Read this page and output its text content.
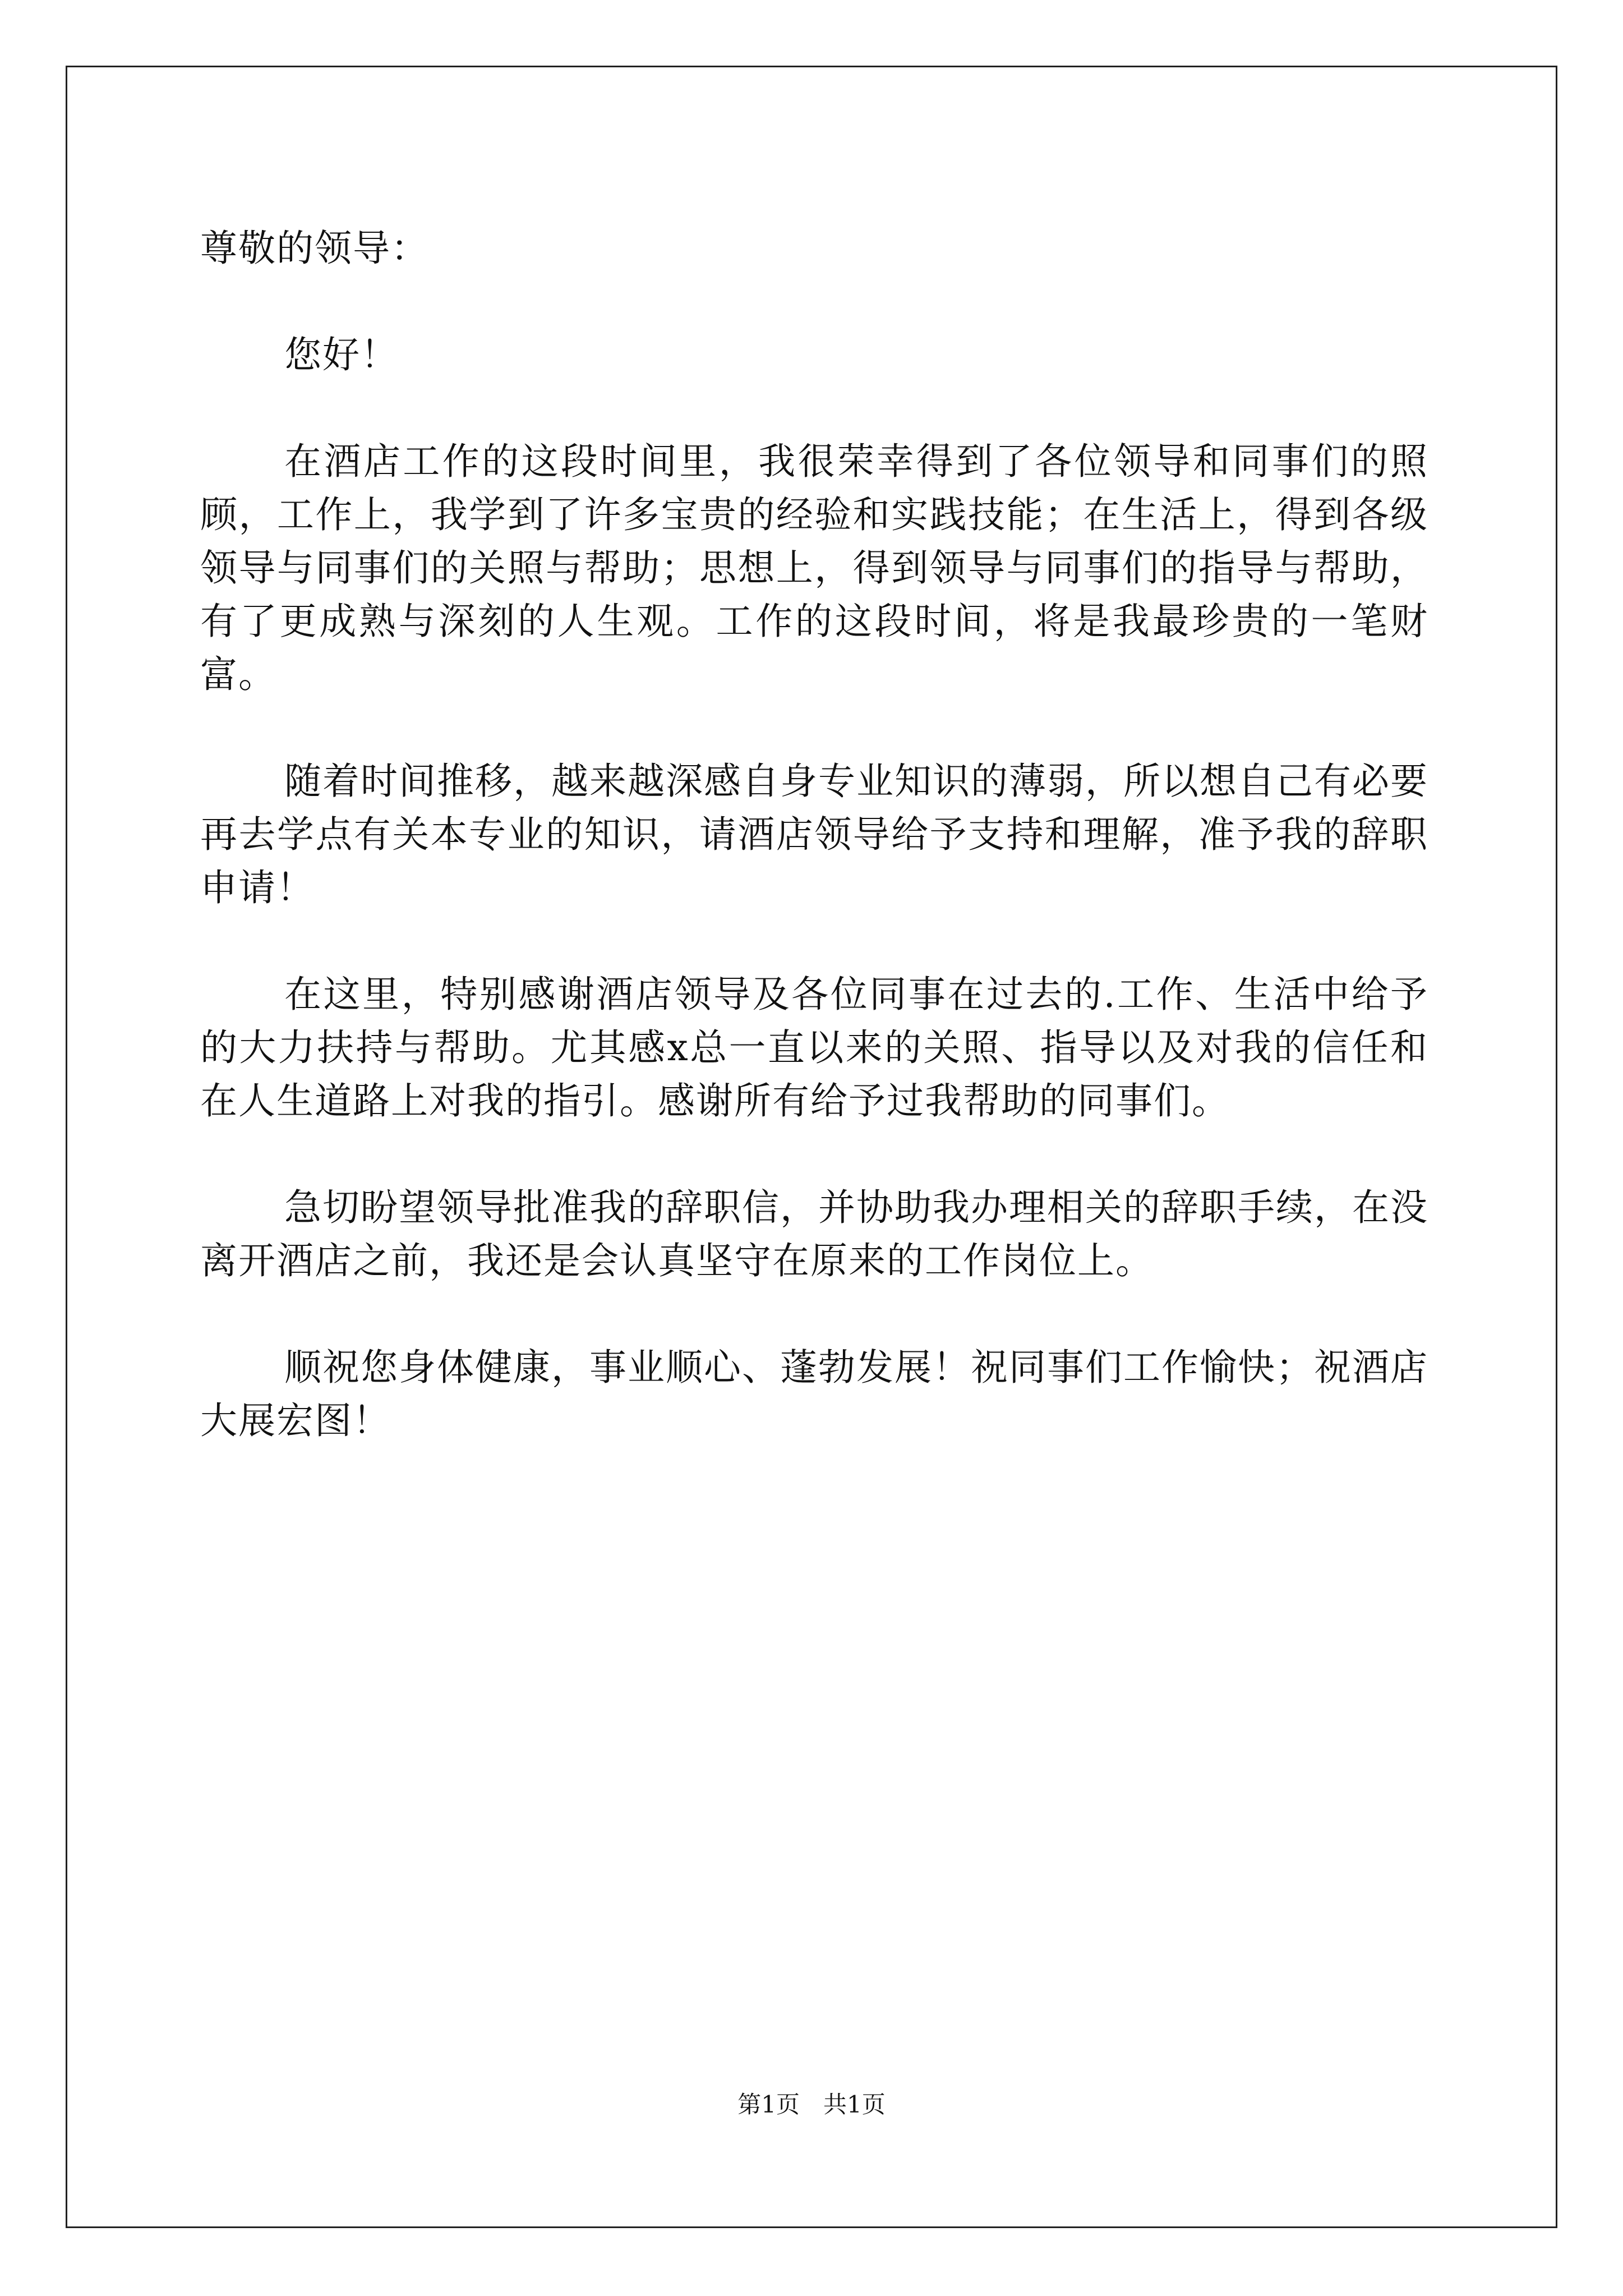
尊敬的领导：

您好！

在酒店工作的这段时间里，我很荣幸得到了各位领导和同事们的照顾，工作上，我学到了许多宝贵的经验和实践技能；在生活上，得到各级领导与同事们的关照与帮助；思想上，得到领导与同事们的指导与帮助，有了更成熟与深刻的人生观。工作的这段时间，将是我最珍贵的一笔财富。

随着时间推移，越来越深感自身专业知识的薄弱，所以想自己有必要再去学点有关本专业的知识，请酒店领导给予支持和理解，准予我的辞职申请！

在这里，特别感谢酒店领导及各位同事在过去的.工作、生活中给予的大力扶持与帮助。尤其感x总一直以来的关照、指导以及对我的信任和在人生道路上对我的指引。感谢所有给予过我帮助的同事们。

急切盼望领导批准我的辞职信，并协助我办理相关的辞职手续，在没离开酒店之前，我还是会认真坚守在原来的工作岗位上。

顺祝您身体健康，事业顺心、蓬勃发展！祝同事们工作愉快；祝酒店大展宏图！

第1页 共1页
